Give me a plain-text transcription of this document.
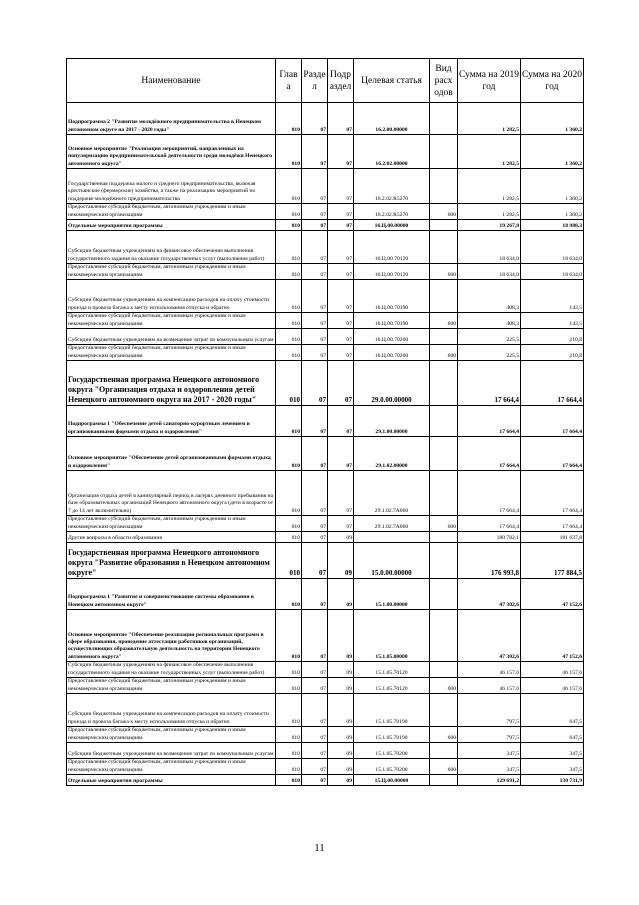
Наименование	Глав а	Разде л	Подр аздел	Целевая статья	Вид расх одов	Сумма на 2019 год	Сумма на 2020 год
Подпрограмма 2 "Развитие молодёжного предпринимательства в Ненецком автономном округе на 2017 - 2020 годы"	010	07	07	16.2.00.00000		1 282,5	1 360,2
Основное мероприятие "Реализация мероприятий, направленных на популяризацию предпринимательской деятельности среди молодёжи Ненецкого автономного округа"	010	07	07	16.2.02.00000		1 282,5	1 360,2
Государственная поддержка малого и среднего предпринимательства, включая крестьянские (фермерские) хозяйства, а также на реализацию мероприятий по поддержке молодёжного предпринимательства	010	07	07	16.2.02.R5270		1 282,5	1 360,2
Предоставление субсидий бюджетным, автономным учреждениям и иным некоммерческим организациям	010	07	07	16.2.02.R5270	600	1 282,5	1 360,2
Отдельные мероприятия программы	010	07	07	16.Ц.00.00000		19 267,8	18 988,3
Субсидии бюджетным учреждениям на финансовое обеспечение выполнения государственного задания на оказание государственных услуг (выполнение работ)	010	07	07	16.Ц.00.70120		18 634,0	18 634,0
Предоставление субсидий бюджетным, автономным учреждениям и иным некоммерческим организациям	010	07	07	16.Ц.00.70120	600	18 634,0	18 634,0
Субсидии бюджетным учреждениям на компенсацию расходов на оплату стоимости проезда и провоза багажа к месту использования отпуска и обратно	010	07	07	16.Ц.00.70190		408,3	143,5
Предоставление субсидий бюджетным, автономным учреждениям и иным некоммерческим организациям	010	07	07	16.Ц.00.70190	600	408,3	143,5
Субсидии бюджетным учреждениям на возмещение затрат по коммунальным услугам	010	07	07	16.Ц.00.70200		225,5	210,8
Предоставление субсидий бюджетным, автономным учреждениям и иным некоммерческим организациям	010	07	07	16.Ц.00.70200	600	225,5	210,8
Государственная программа Ненецкого автономного округа "Организация отдыха и оздоровления детей Ненецкого автономного округа на 2017 - 2020 годы"	010	07	07	29.0.00.00000		17 664,4	17 664,4
Подпрограмма 1 "Обеспечение детей санаторно-курортным лечением и организованными формами отдыха и оздоровления"	010	07	07	29.1.00.00000		17 664,4	17 664,4
Основное мероприятие "Обеспечение детей организованными формами отдыха и оздоровления"	010	07	07	29.1.02.00000		17 664,4	17 664,4
Организация отдыха детей в каникулярный период в лагерях дневного пребывания на базе образовательных организаций Ненецкого автономного округа (дети в возрасте от 7 до 14 лет включительно)	010	07	07	29.1.02.7А060		17 664,4	17 664,4
Предоставление субсидий бюджетным, автономным учреждениям и иным некоммерческим организациям	010	07	07	29.1.02.7А060	600	17 664,4	17 664,4
Другие вопросы в области образования	010	07	09			180 782,1	181 637,8
Государственная программа Ненецкого автономного округа "Развитие образования в Ненецком автономном округе"	010	07	09	15.0.00.00000		176 993,8	177 884,5
Подпрограмма 1 "Развитие и совершенствование системы образования в Ненецком автономном округе"	010	07	09	15.1.00.00000		47 302,6	47 152,6
Основное мероприятие "Обеспечение реализации региональных программ в сфере образования, проведение аттестации работников организаций, осуществляющих образовательную деятельность на территории Ненецкого автономного округа"	010	07	09	15.1.05.00000		47 302,6	47 152,6
Субсидии бюджетным учреждениям на финансовое обеспечение выполнения государственного задания на оказание государственных услуг (выполнение работ)	010	07	09	15.1.05.70120		46 157,6	46 157,6
Предоставление субсидий бюджетным, автономным учреждениям и иным некоммерческим организациям	010	07	09	15.1.05.70120	600	46 157,6	46 157,6
Субсидии бюджетным учреждениям на компенсацию расходов на оплату стоимости проезда и провоза багажа к месту использования отпуска и обратно	010	07	09	15.1.05.70190		797,5	647,5
Предоставление субсидий бюджетным, автономным учреждениям и иным некоммерческим организациям	010	07	09	15.1.05.70190	600	797,5	647,5
Субсидии бюджетным учреждениям на возмещение затрат по коммунальным услугам	010	07	09	15.1.05.70200		347,5	347,5
Предоставление субсидий бюджетным, автономным учреждениям и иным некоммерческим организациям	010	07	09	15.1.05.70200	600	347,5	347,5
Отдельные мероприятия программы	010	07	09	15.Ц.00.00000		129 691,2	130 731,9
11
